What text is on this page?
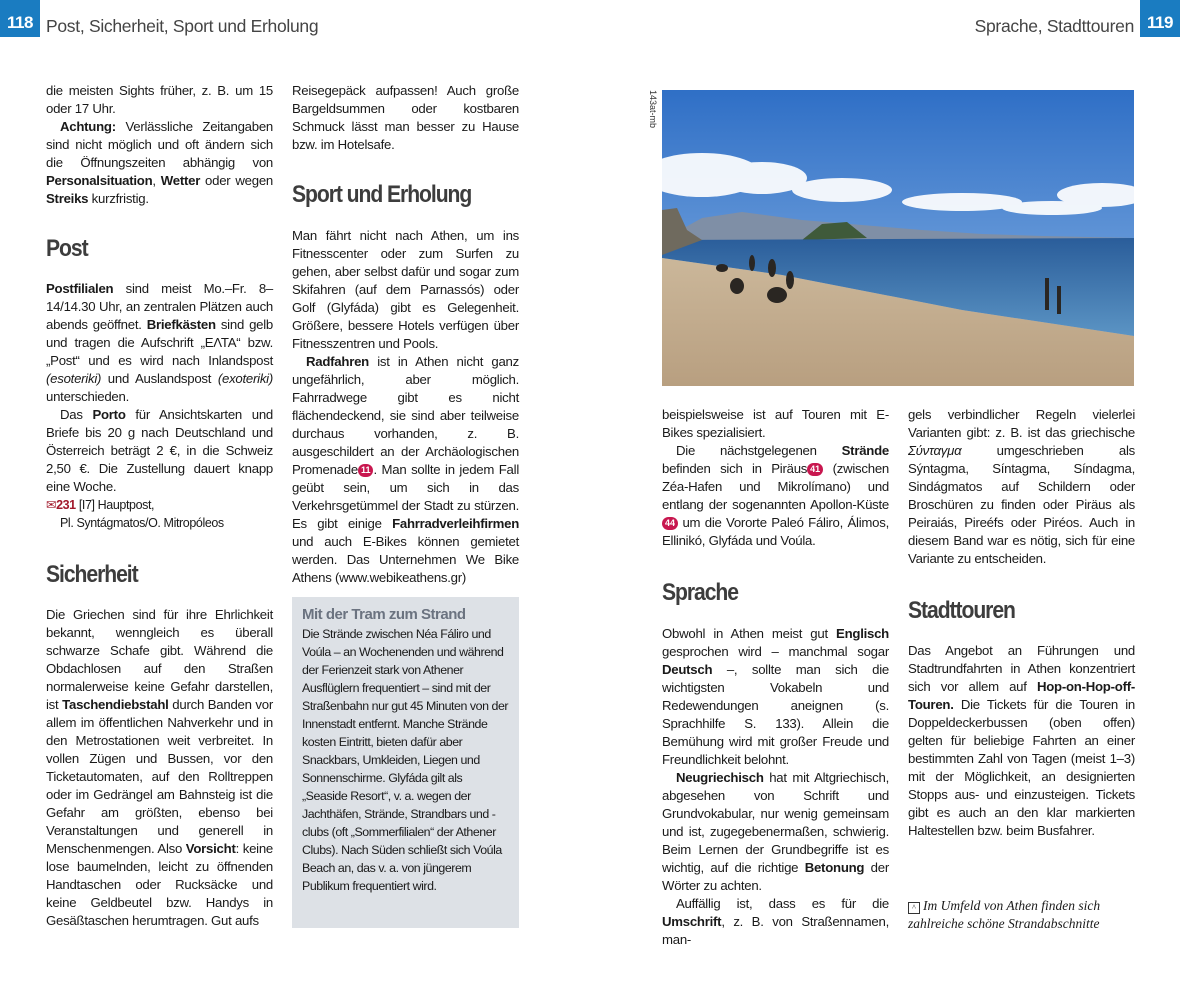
118 Post, Sicherheit, Sport und Erholung	Sprache, Stadttouren 119

die meisten Sights früher, z. B. um 15 oder 17 Uhr.

Achtung: Verlässliche Zeitangaben sind nicht möglich und oft ändern sich die Öffnungszeiten abhängig von Personalsituation, Wetter oder wegen Streiks kurzfristig.

Post

Postfilialen sind meist Mo.–Fr. 8–14/14.30 Uhr, an zentralen Plätzen auch abends geöffnet. Briefkästen sind gelb und tragen die Aufschrift „ΕΛΤΑ“ bzw. „Post“ und es wird nach Inlandspost (esoteriki) und Auslandspost (exoteriki) unterschieden.

Das Porto für Ansichtskarten und Briefe bis 20 g nach Deutschland und Österreich beträgt 2 €, in die Schweiz 2,50 €. Die Zustellung dauert knapp eine Woche.

✉231 [I7] Hauptpost,
Pl. Syntágmatos/O. Mitropóleos
Sicherheit

Die Griechen sind für ihre Ehrlichkeit bekannt, wenngleich es überall schwarze Schafe gibt. Während die Obdachlosen auf den Straßen normalerweise keine Gefahr darstellen, ist Taschendiebstahl durch Banden vor allem im öffentlichen Nahverkehr und in den Metrostationen weit verbreitet. In vollen Zügen und Bussen, vor den Ticketautomaten, auf den Rolltreppen oder im Gedrängel am Bahnsteig ist die Gefahr am größten, ebenso bei Veranstaltungen und generell in Menschenmengen. Also Vorsicht: keine lose baumelnden, leicht zu öffnenden Handtaschen oder Rucksäcke und keine Geldbeutel bzw. Handys in Gesäßtaschen herumtragen. Gut aufs

Reisegepäck aufpassen! Auch große Bargeldsummen oder kostbaren Schmuck lässt man besser zu Hause bzw. im Hotelsafe.

Sport und Erholung

Man fährt nicht nach Athen, um ins Fitnesscenter oder zum Surfen zu gehen, aber selbst dafür und sogar zum Skifahren (auf dem Parnassós) oder Golf (Glyfáda) gibt es Gelegenheit. Größere, bessere Hotels verfügen über Fitnesszentren und Pools.

Radfahren ist in Athen nicht ganz ungefährlich, aber möglich. Fahrradwege gibt es nicht flächendeckend, sie sind aber teilweise durchaus vorhanden, z. B. ausgeschildert an der Archäologischen Promenade 11 . Man sollte in jedem Fall geübt sein, um sich in das Verkehrsgetümmel der Stadt zu stürzen. Es gibt einige Fahrradverleihfirmen und auch E-Bikes können gemietet werden. Das Unternehmen We Bike Athens (www.webikeathens.gr)

Mit der Tram zum Strand
Die Strände zwischen Néa Fáliro und Voúla – an Wochenenden und während der Ferienzeit stark von Athener Ausflüglern frequentiert – sind mit der Straßenbahn nur gut 45 Minuten von der Innenstadt entfernt. Manche Strände kosten Eintritt, bieten dafür aber Snackbars, Umkleiden, Liegen und Sonnenschirme. Glyfáda gilt als „Seaside Resort“, v. a. wegen der Jachthäfen, Strände, Strandbars und -clubs (oft „Sommerfilialen“ der Athener Clubs). Nach Süden schließt sich Voúla Beach an, das v. a. von jüngerem Publikum frequentiert wird.
143at-mb

beispielsweise ist auf Touren mit E-Bikes spezialisiert.

Die nächstgelegenen Strände befinden sich in Piräus 41 (zwischen Zéa-Hafen und Mikrolímano) und entlang der sogenannten Apollon-Küste44 um die Vororte Paleó Fáliro, Álimos, Ellinikó, Glyfáda und Voúla.

Sprache

Obwohl in Athen meist gut Englisch gesprochen wird – manchmal sogar Deutsch –, sollte man sich die wichtigsten Vokabeln und Redewendungen aneignen (s. Sprachhilfe S. 133). Allein die Bemühung wird mit großer Freude und Freundlichkeit belohnt.

Neugriechisch hat mit Altgriechisch, abgesehen von Schrift und Grundvokabular, nur wenig gemeinsam und ist, zugegebenermaßen, schwierig. Beim Lernen der Grundbegriffe ist es wichtig, auf die richtige Betonung der Wörter zu achten.

Auffällig ist, dass es für die Umschrift, z. B. von Straßennamen, man-

gels verbindlicher Regeln vielerlei Varianten gibt: z. B. ist das griechische Σύνταγμα umgeschrieben als Sýntagma, Síntagma, Síndagma, Sindágmatos auf Schildern oder Broschüren zu finden oder Piräus als Peiraiás, Pireéfs oder Piréos. Auch in diesem Band war es nötig, sich für eine Variante zu entscheiden.

Stadttouren

Das Angebot an Führungen und Stadtrundfahrten in Athen konzentriert sich vor allem auf Hop-on-Hop-off-Touren. Die Tickets für die Touren in Doppeldeckerbussen (oben offen) gelten für beliebige Fahrten an einer bestimmten Zahl von Tagen (meist 1–3) mit der Möglichkeit, an designierten Stopps aus- und einzusteigen. Tickets gibt es auch an den klar markierten Haltestellen bzw. beim Busfahrer.

^ Im Umfeld von Athen finden sich zahlreiche schöne Strandabschnitte
